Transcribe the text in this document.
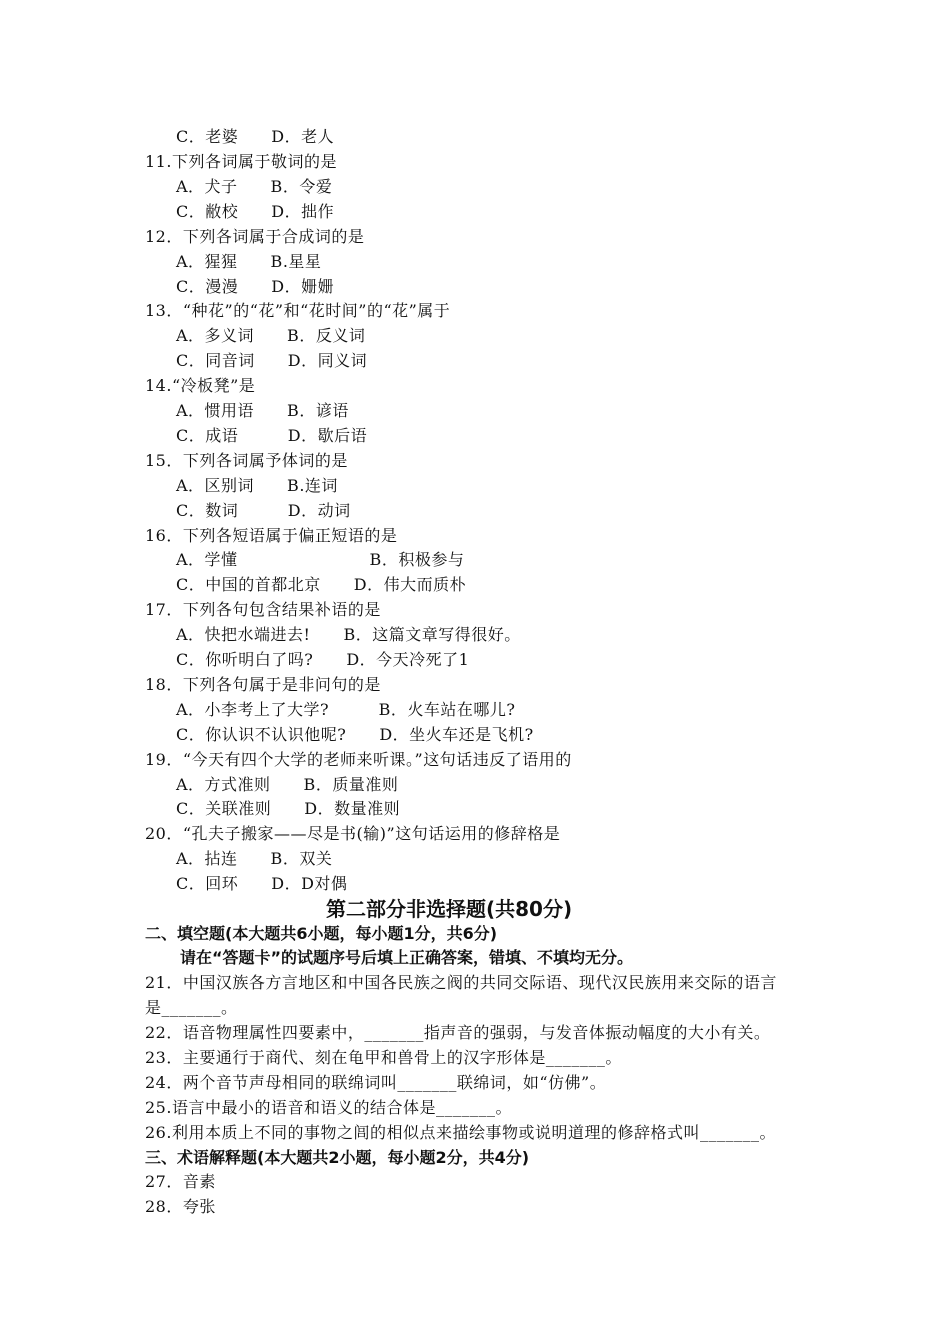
C．老婆　　D．老人
11.下列各词属于敬词的是
A．犬子　　B．令爱
C．敝校　　D．拙作
12．下列各词属于合成词的是
A．猩猩　　B.星星
C．漫漫　　D．姗姗
13．“种花”的“花”和“花时间”的“花”属于
A．多义词　　B．反义词
C．同音词　　D．同义词
14.“冷板凳”是
A．惯用语　　B．谚语
C．成语　　　D．歇后语
15．下列各词属予体词的是
A．区别词　　B.连词
C．数词　　　D．动词
16．下列各短语属于偏正短语的是
A．学懂　　　　　　　　B．积极参与
C．中国的首都北京　　D．伟大而质朴
17．下列各句包含结果补语的是
A．快把水端进去!　　B．这篇文章写得很好。
C．你听明白了吗?　　D．今天冷死了1
18．下列各句属于是非问句的是
A．小李考上了大学?　　　B．火车站在哪儿?
C．你认识不认识他呢?　　D．坐火车还是飞机?
19．“今天有四个大学的老师来听课。”这句话违反了语用的
A．方式准则　　B．质量准则
C．关联准则　　D．数量准则
20．“孔夫子搬家——尽是书(输)”这句话运用的修辞格是
A．拈连　　B．双关
C．回环　　D．D对偶
第二部分非选择题(共80分)
二、填空题(本大题共6小题，每小题1分，共6分)
请在“答题卡”的试题序号后填上正确答案，错填、不填均无分。
21．中国汉族各方言地区和中国各民族之阀的共同交际语、现代汉民族用来交际的语言
是_______。
22．语音物理属性四要素中，_______指声音的强弱，与发音体振动幅度的大小有关。
23．主要通行于商代、刻在龟甲和兽骨上的汉字形体是_______。
24．两个音节声母相同的联绵词叫_______联绵词，如“仿佛”。
25.语言中最小的语音和语义的结合体是_______。
26.利用本质上不同的事物之闾的相似点来描绘事物或说明道理的修辞格式叫_______。
三、术语解释题(本大题共2小题，每小题2分，共4分)
27．音素
28．夸张
